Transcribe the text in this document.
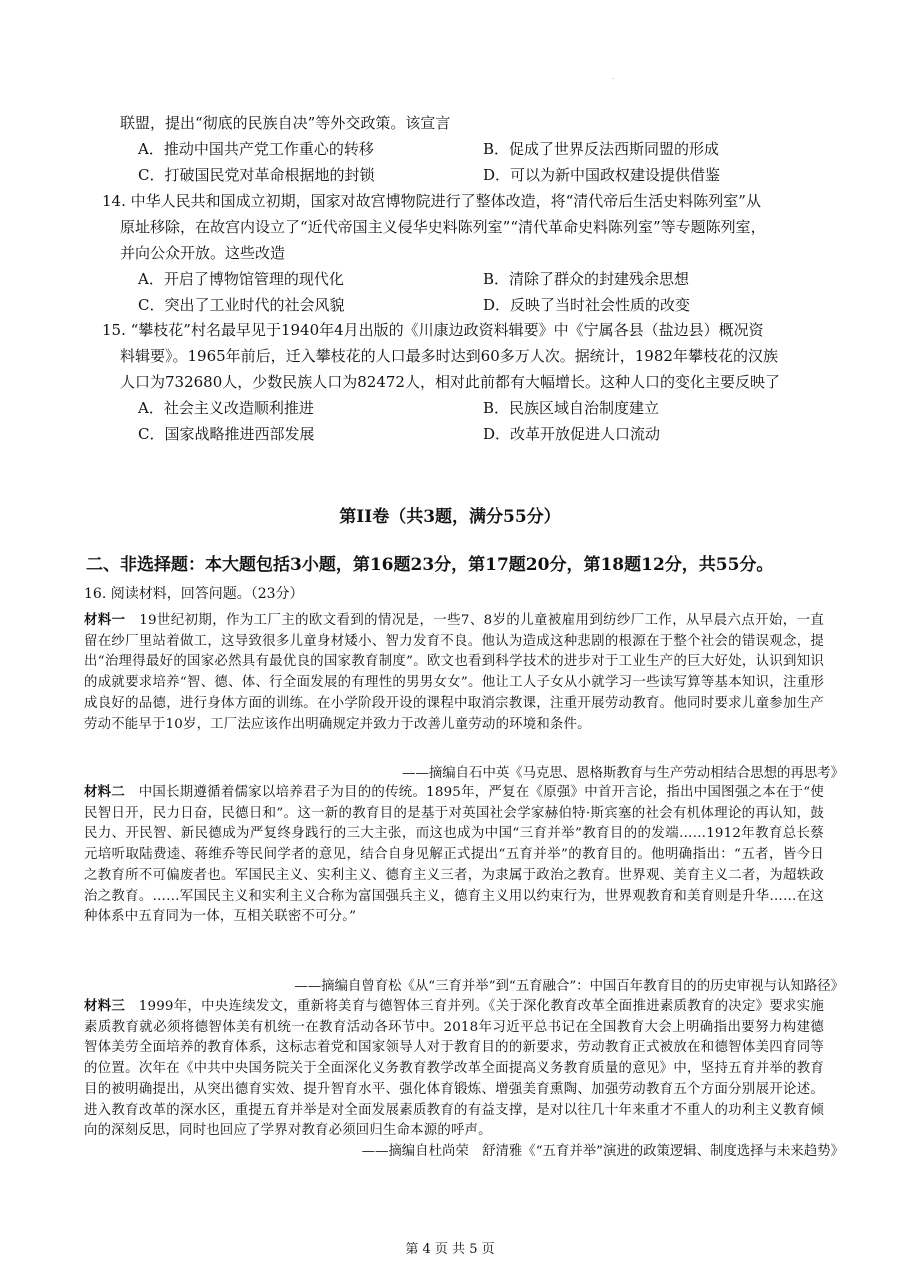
·
联盟，提出“彻底的民族自决”等外交政策。该宣言
A．推动中国共产党工作重心的转移	B．促成了世界反法西斯同盟的形成
C．打破国民党对革命根据地的封锁	D．可以为新中国政权建设提供借鉴
14. 中华人民共和国成立初期，国家对故宫博物院进行了整体改造，将“清代帝后生活史料陈列室”从
原址移除，在故宫内设立了“近代帝国主义侵华史料陈列室”“清代革命史料陈列室”等专题陈列室，
并向公众开放。这些改造
A．开启了博物馆管理的现代化	B．清除了群众的封建残余思想
C．突出了工业时代的社会风貌	D．反映了当时社会性质的改变
15. “攀枝花”村名最早见于1940年4月出版的《川康边政资料辑要》中《宁属各县（盐边县）概况资
料辑要》。1965年前后，迁入攀枝花的人口最多时达到60多万人次。据统计，1982年攀枝花的汉族
人口为732680人，少数民族人口为82472人，相对此前都有大幅增长。这种人口的变化主要反映了
A．社会主义改造顺利推进	B．民族区域自治制度建立
C．国家战略推进西部发展	D．改革开放促进人口流动
第II卷（共3题，满分55分）
二、非选择题：本大题包括3小题，第16题23分，第17题20分，第18题12分，共55分。
16. 阅读材料，回答问题。（23分）
材料一　19世纪初期，作为工厂主的欧文看到的情况是，一些7、8岁的儿童被雇用到纺纱厂工作，从早晨六点开始，一直留在纱厂里站着做工，这导致很多儿童身材矮小、智力发育不良。他认为造成这种悲剧的根源在于整个社会的错误观念，提出“治理得最好的国家必然具有最优良的国家教育制度”。欧文也看到科学技术的进步对于工业生产的巨大好处，认识到知识的成就要求培养“智、德、体、行全面发展的有理性的男男女女”。他让工人子女从小就学习一些读写算等基本知识，注重形成良好的品德，进行身体方面的训练。在小学阶段开设的课程中取消宗教课，注重开展劳动教育。他同时要求儿童参加生产劳动不能早于10岁，工厂法应该作出明确规定并致力于改善儿童劳动的环境和条件。
——摘编自石中英《马克思、恩格斯教育与生产劳动相结合思想的再思考》
材料二　中国长期遵循着儒家以培养君子为目的的传统。1895年，严复在《原强》中首开言论，指出中国图强之本在于“使民智日开，民力日奋，民德日和”。这一新的教育目的是基于对英国社会学家赫伯特·斯宾塞的社会有机体理论的再认知，鼓民力、开民智、新民德成为严复终身践行的三大主张，而这也成为中国“三育并举”教育目的的发端……1912年教育总长蔡元培听取陆费逵、蒋维乔等民间学者的意见，结合自身见解正式提出“五育并举”的教育目的。他明确指出：“五者，皆今日之教育所不可偏废者也。军国民主义、实利主义、德育主义三者，为隶属于政治之教育。世界观、美育主义二者，为超轶政治之教育。……军国民主义和实利主义合称为富国强兵主义，德育主义用以约束行为，世界观教育和美育则是升华……在这种体系中五育同为一体，互相关联密不可分。”
——摘编自曾育松《从“三育并举”到“五育融合”：中国百年教育目的的历史审视与认知路径》
材料三　1999年，中央连续发文，重新将美育与德智体三育并列。《关于深化教育改革全面推进素质教育的决定》要求实施素质教育就必须将德智体美有机统一在教育活动各环节中。2018年习近平总书记在全国教育大会上明确指出要努力构建德智体美劳全面培养的教育体系，这标志着党和国家领导人对于教育目的的新要求，劳动教育正式被放在和德智体美四育同等的位置。次年在《中共中央国务院关于全面深化义务教育教学改革全面提高义务教育质量的意见》中，坚持五育并举的教育目的被明确提出，从突出德育实效、提升智育水平、强化体育锻炼、增强美育熏陶、加强劳动教育五个方面分别展开论述。进入教育改革的深水区，重提五育并举是对全面发展素质教育的有益支撑，是对以往几十年来重才不重人的功利主义教育倾向的深刻反思，同时也回应了学界对教育必须回归生命本源的呼声。
——摘编自杜尚荣　舒清雅《“五育并举”演进的政策逻辑、制度选择与未来趋势》
第 4 页 共 5 页
